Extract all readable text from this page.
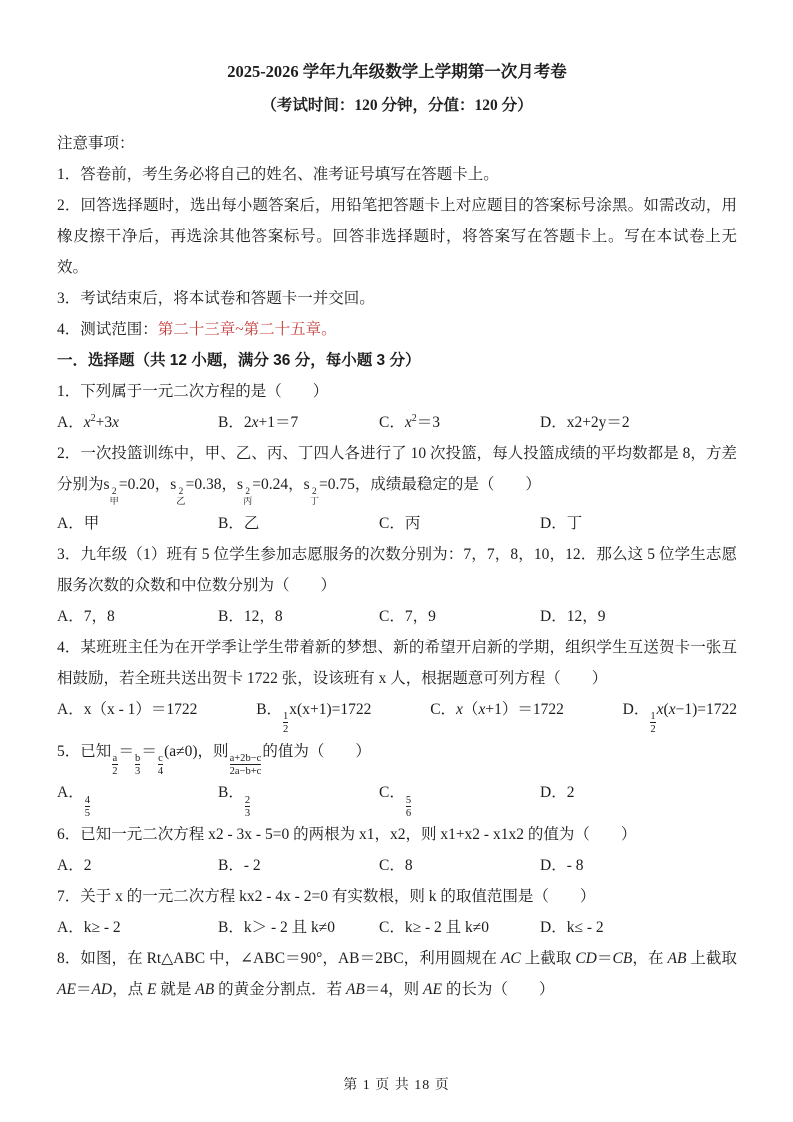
2025-2026 学年九年级数学上学期第一次月考卷

（考试时间：120 分钟，分值：120 分）

注意事项：

1．答卷前，考生务必将自己的姓名、准考证号填写在答题卡上。

2．回答选择题时，选出每小题答案后，用铅笔把答题卡上对应题目的答案标号涂黑。如需改动，用橡皮擦干净后，再选涂其他答案标号。回答非选择题时，将答案写在答题卡上。写在本试卷上无效。

3．考试结束后，将本试卷和答题卡一并交回。

4．测试范围：第二十三章~第二十五章。

一．选择题（共 12 小题，满分 36 分，每小题 3 分）

1．下列属于一元二次方程的是（　　）

A．$x^2+3x$	B．2x+1＝7	C．$x^2=3$	D．x2+2y＝2

2．一次投篮训练中，甲、乙、丙、丁四人各进行了 10 次投篮，每人投篮成绩的平均数都是 8，方差分别为s 2
甲
=0.20，s 2
乙
=0.38，s 2
丙
=0.24，s 2
丁
=0.75，成绩最稳定的是（　　）

A．甲	B．乙	C．丙	D．丁

3．九年级（1）班有 5 位学生参加志愿服务的次数分别为：7，7，8，10，12．那么这 5 位学生志愿服务次数的众数和中位数分别为（　　）

A．7，8	B．12，8	C．7，9	D．12，9

4．某班班主任为在开学季让学生带着新的梦想、新的希望开启新的学期，组织学生互送贺卡一张互相鼓励，若全班共送出贺卡 1722 张，设该班有 x 人，根据题意可列方程（　　）

A．x（x - 1）＝1722	B．
$\frac{1}{2}$
x(x+1)=1722	C．x（x+1）＝1722	D．
$\frac{1}{2}$
x(x−1)=1722

5．已知
$\frac{a}{2}$
＝
$\frac{b}{3}$
＝
$\frac{c}{4}$
(a≠0)，则
$\frac{a+2b-c}{2a-b+c}$
的值为（　　）

A．
$\frac{4}{5}$
B．
$\frac{2}{3}$
C．
$\frac{5}{6}$
D．2

6．已知一元二次方程 x2 - 3x - 5=0 的两根为 x1，x2，则 x1+x2 - x1x2 的值为（　　）

A．2	B．- 2	C．8	D．- 8

7．关于 x 的一元二次方程 kx2 - 4x - 2=0 有实数根，则 k 的取值范围是（　　）

A．k≥ - 2	B．k＞ - 2 且 k≠0	C．k≥ - 2 且 k≠0	D．k≤ - 2

8．如图，在 Rt△ABC 中，∠ABC＝90°，AB＝2BC，利用圆规在 AC 上截取 CD＝CB，在 AB 上截取 AE＝AD，点 E 就是 AB 的黄金分割点．若 AB＝4，则 AE 的长为（　　）

第 1 页 共 18 页
